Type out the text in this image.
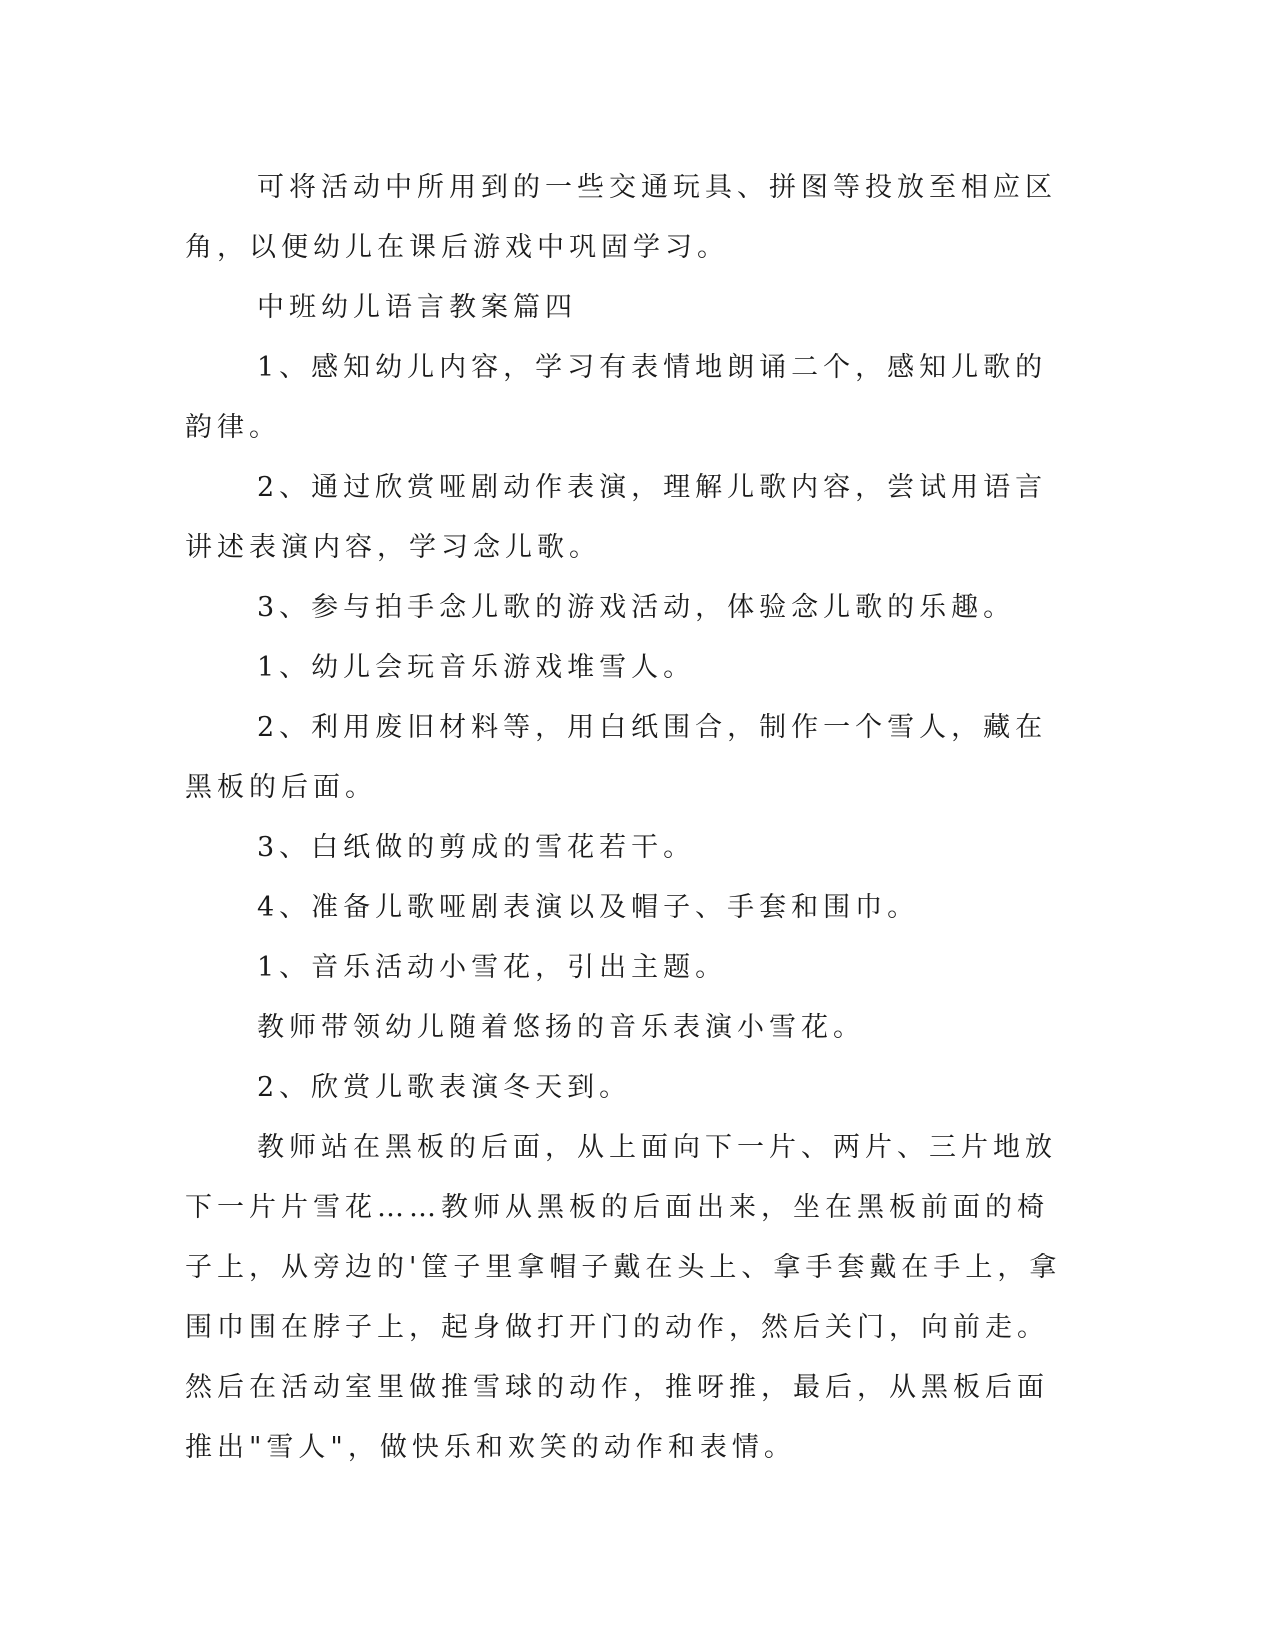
可将活动中所用到的一些交通玩具、拼图等投放至相应区角，以便幼儿在课后游戏中巩固学习。

中班幼儿语言教案篇四

1、感知幼儿内容，学习有表情地朗诵二个，感知儿歌的韵律。

2、通过欣赏哑剧动作表演，理解儿歌内容，尝试用语言讲述表演内容，学习念儿歌。

3、参与拍手念儿歌的游戏活动，体验念儿歌的乐趣。

1、幼儿会玩音乐游戏堆雪人。

2、利用废旧材料等，用白纸围合，制作一个雪人，藏在黑板的后面。

3、白纸做的剪成的雪花若干。

4、准备儿歌哑剧表演以及帽子、手套和围巾。

1、音乐活动小雪花，引出主题。

教师带领幼儿随着悠扬的音乐表演小雪花。

2、欣赏儿歌表演冬天到。

教师站在黑板的后面，从上面向下一片、两片、三片地放下一片片雪花……教师从黑板的后面出来，坐在黑板前面的椅子上，从旁边的'筐子里拿帽子戴在头上、拿手套戴在手上，拿围巾围在脖子上，起身做打开门的动作，然后关门，向前走。然后在活动室里做推雪球的动作，推呀推，最后，从黑板后面推出"雪人"，做快乐和欢笑的动作和表情。
